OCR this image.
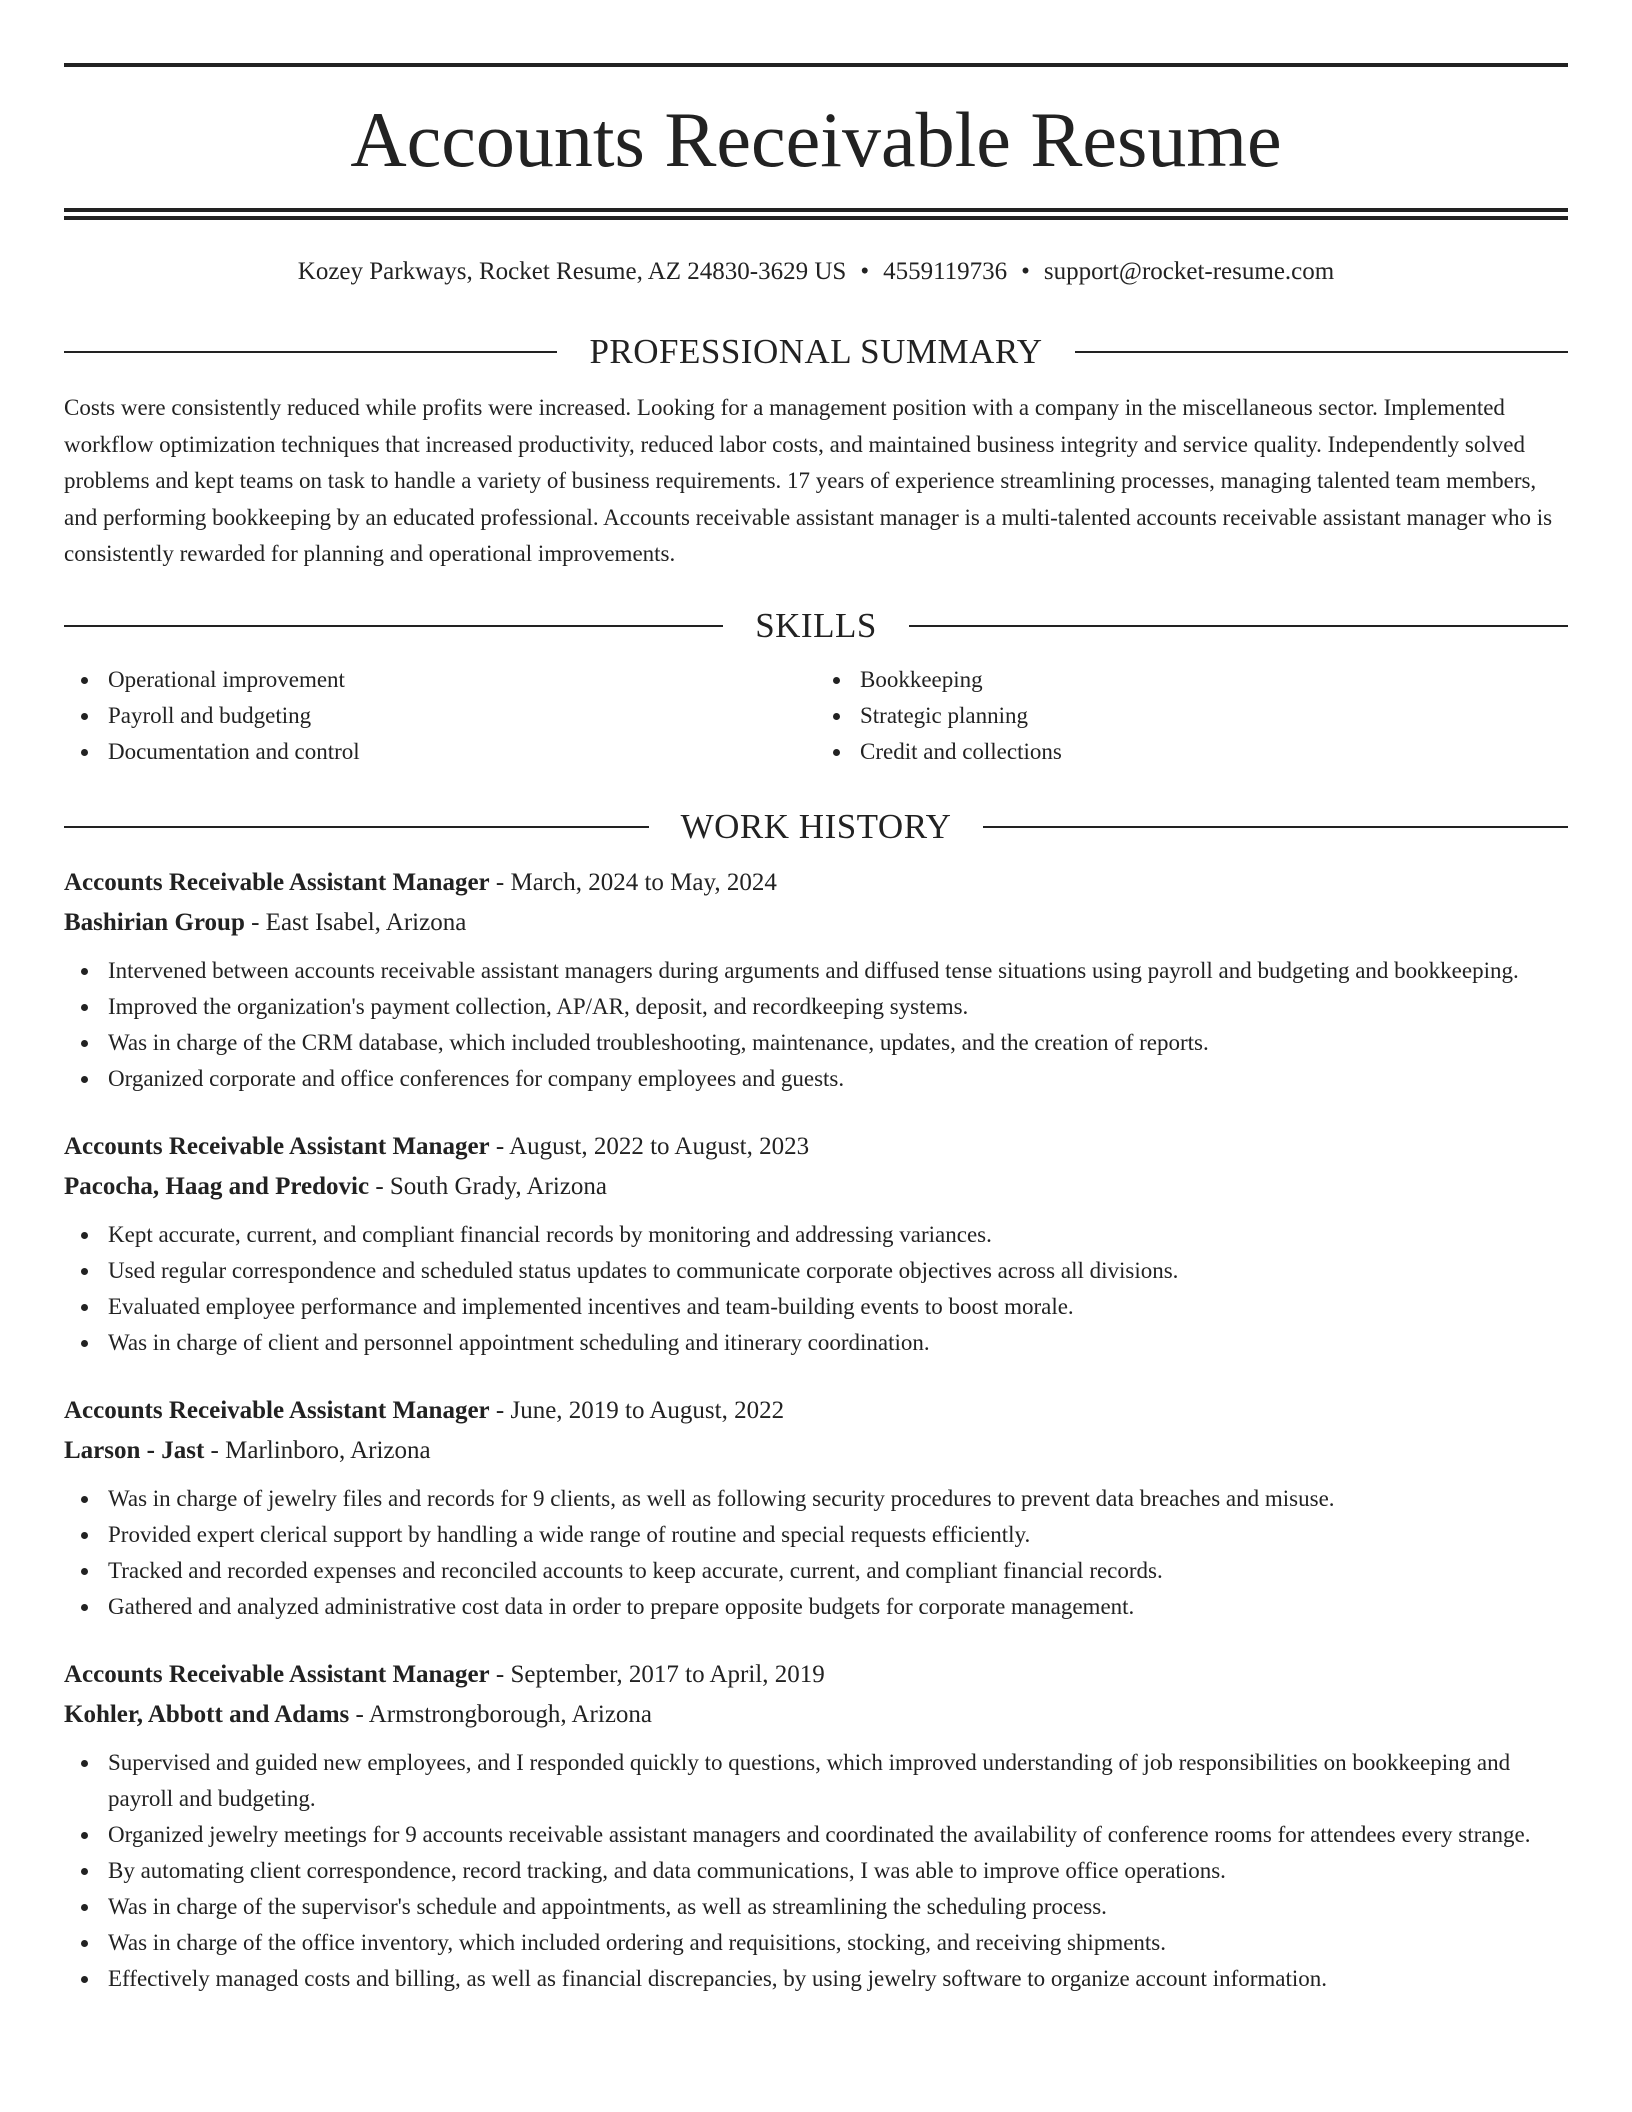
Accounts Receivable Resume
Kozey Parkways, Rocket Resume, AZ 24830-3629 US • 4559119736 • support@rocket-resume.com
PROFESSIONAL SUMMARY

Costs were consistently reduced while profits were increased. Looking for a management position with a company in the miscellaneous sector. Implemented workflow optimization techniques that increased productivity, reduced labor costs, and maintained business integrity and service quality. Independently solved problems and kept teams on task to handle a variety of business requirements. 17 years of experience streamlining processes, managing talented team members, and performing bookkeeping by an educated professional. Accounts receivable assistant manager is a multi-talented accounts receivable assistant manager who is consistently rewarded for planning and operational improvements.

SKILLS
Operational improvement
Payroll and budgeting
Documentation and control
Bookkeeping
Strategic planning
Credit and collections
WORK HISTORY
Accounts Receivable Assistant Manager - March, 2024 to May, 2024
Bashirian Group - East Isabel, Arizona
Intervened between accounts receivable assistant managers during arguments and diffused tense situations using payroll and budgeting and bookkeeping.
Improved the organization's payment collection, AP/AR, deposit, and recordkeeping systems.
Was in charge of the CRM database, which included troubleshooting, maintenance, updates, and the creation of reports.
Organized corporate and office conferences for company employees and guests.
Accounts Receivable Assistant Manager - August, 2022 to August, 2023
Pacocha, Haag and Predovic - South Grady, Arizona
Kept accurate, current, and compliant financial records by monitoring and addressing variances.
Used regular correspondence and scheduled status updates to communicate corporate objectives across all divisions.
Evaluated employee performance and implemented incentives and team-building events to boost morale.
Was in charge of client and personnel appointment scheduling and itinerary coordination.
Accounts Receivable Assistant Manager - June, 2019 to August, 2022
Larson - Jast - Marlinboro, Arizona
Was in charge of jewelry files and records for 9 clients, as well as following security procedures to prevent data breaches and misuse.
Provided expert clerical support by handling a wide range of routine and special requests efficiently.
Tracked and recorded expenses and reconciled accounts to keep accurate, current, and compliant financial records.
Gathered and analyzed administrative cost data in order to prepare opposite budgets for corporate management.
Accounts Receivable Assistant Manager - September, 2017 to April, 2019
Kohler, Abbott and Adams - Armstrongborough, Arizona
Supervised and guided new employees, and I responded quickly to questions, which improved understanding of job responsibilities on bookkeeping and payroll and budgeting.
Organized jewelry meetings for 9 accounts receivable assistant managers and coordinated the availability of conference rooms for attendees every strange.
By automating client correspondence, record tracking, and data communications, I was able to improve office operations.
Was in charge of the supervisor's schedule and appointments, as well as streamlining the scheduling process.
Was in charge of the office inventory, which included ordering and requisitions, stocking, and receiving shipments.
Effectively managed costs and billing, as well as financial discrepancies, by using jewelry software to organize account information.
